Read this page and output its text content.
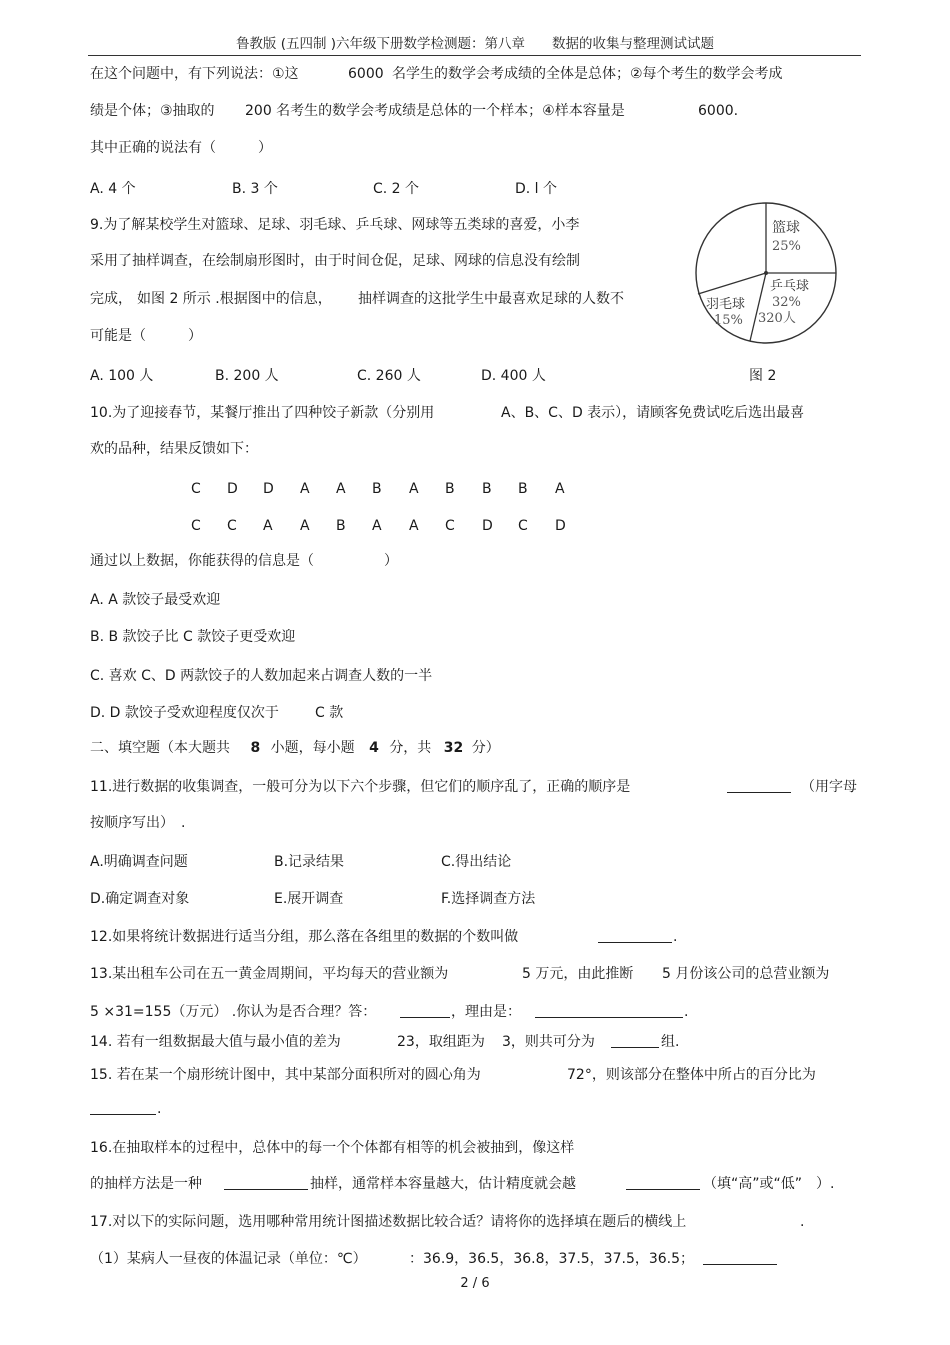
鲁教版 (五四制 )六年级下册数学检测题：第八章　　数据的收集与整理测试试题
在这个问题中，有下列说法：①这	6000 名学生的数学会考成绩的全体是总体；②每个考生的数学会考成
绩是个体；③抽取的 200 名考生的数学会考成绩是总体的一个样本；④样本容量是	6000.
其中正确的说法有（　　　）
A. 4 个	B. 3 个	C. 2 个	D. l 个
9.为了解某校学生对篮球、足球、羽毛球、乒乓球、网球等五类球的喜爱，小李
采用了抽样调查，在绘制扇形图时，由于时间仓促，足球、网球的信息没有绘制
完成， 如图 2 所示 .根据图中的信息， 抽样调查的这批学生中最喜欢足球的人数不
可能是（　　　）
A. 100 人	B. 200 人	C. 260 人	D. 400 人	图 2
篮球
25%
乒乓球
32%
320人
羽毛球
15%
10.为了迎接春节，某餐厅推出了四种饺子新款（分别用	A、B、C、D 表示），请顾客免费试吃后选出最喜
欢的品种，结果反馈如下：
C D D A A B A B B B A
C C A A B A A C D C D
通过以上数据，你能获得的信息是（　　　　　）
A. A 款饺子最受欢迎
B. B 款饺子比 C 款饺子更受欢迎
C. 喜欢 C、D 两款饺子的人数加起来占调查人数的一半
D. D 款饺子受欢迎程度仅次于	C 款
二、填空题（本大题共 8 小题，每小题 4 分，共 32 分）
11.进行数据的收集调查，一般可分为以下六个步骤，但它们的顺序乱了，正确的顺序是	（用字母
按顺序写出）　.
A.明确调查问题	B.记录结果	C.得出结论
D.确定调查对象	E.展开调查	F.选择调查方法
12.如果将统计数据进行适当分组，那么落在各组里的数据的个数叫做	.
13.某出租车公司在五一黄金周期间，平均每天的营业额为	5 万元，由此推断 5 月份该公司的总营业额为
5 ×31=155（万元） .你认为是否合理？答：	，理由是：	.
14. 若有一组数据最大值与最小值的差为	23，取组距为 3，则共可分为	组.
15. 若在某一个扇形统计图中，其中某部分面积所对的圆心角为	72°，则该部分在整体中所占的百分比为
.
16.在抽取样本的过程中，总体中的每一个个体都有相等的机会被抽到，像这样
的抽样方法是一种	抽样，通常样本容量越大，估计精度就会越	（填“高”或“低”　）.
17.对以下的实际问题，选用哪种常用统计图描述数据比较合适？请将你的选择填在题后的横线上	.
（1）某病人一昼夜的体温记录（单位：℃）	：36.9，36.5，36.8，37.5，37.5，36.5；
2 / 6
